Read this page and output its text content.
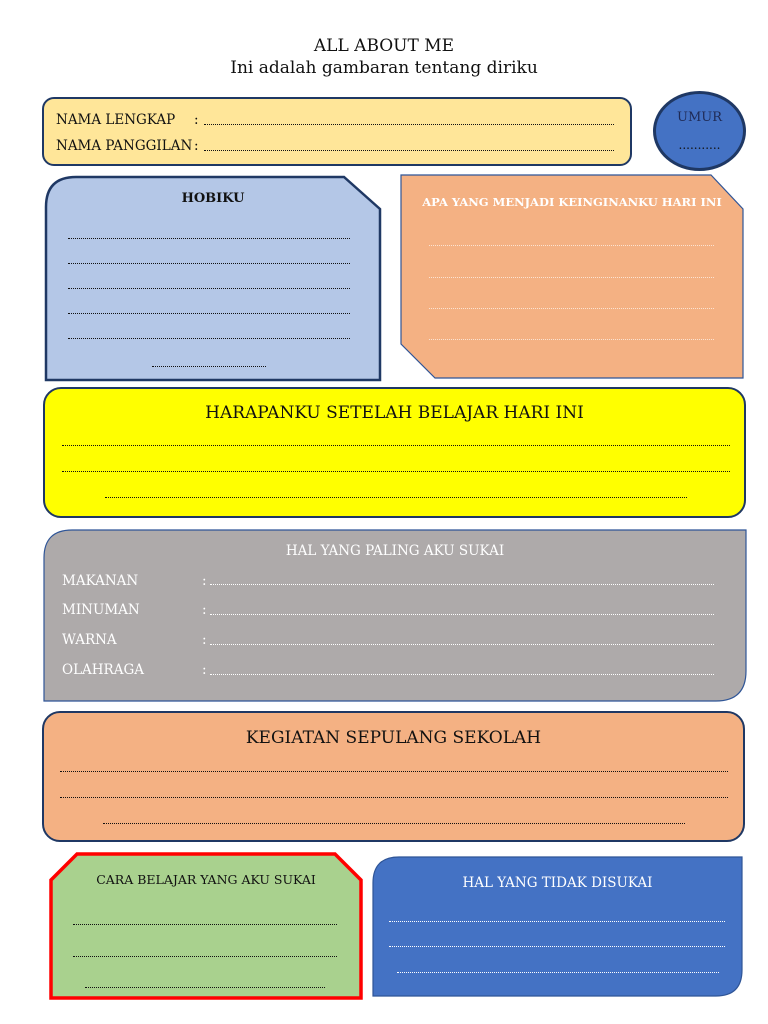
ALL ABOUT ME
Ini adalah gambaran tentang diriku
NAMA LENGKAP :
NAMA PANGGILAN :
UMUR
...........
HOBIKU	APA YANG MENJADI KEINGINANKU HARI INI
HARAPANKU SETELAH BELAJAR HARI INI
HAL YANG PALING AKU SUKAI
MAKANAN	:
MINUMAN	:
WARNA	:
OLAHRAGA	:
KEGIATAN SEPULANG SEKOLAH
CARA BELAJAR YANG AKU SUKAI	HAL YANG TIDAK DISUKAI
